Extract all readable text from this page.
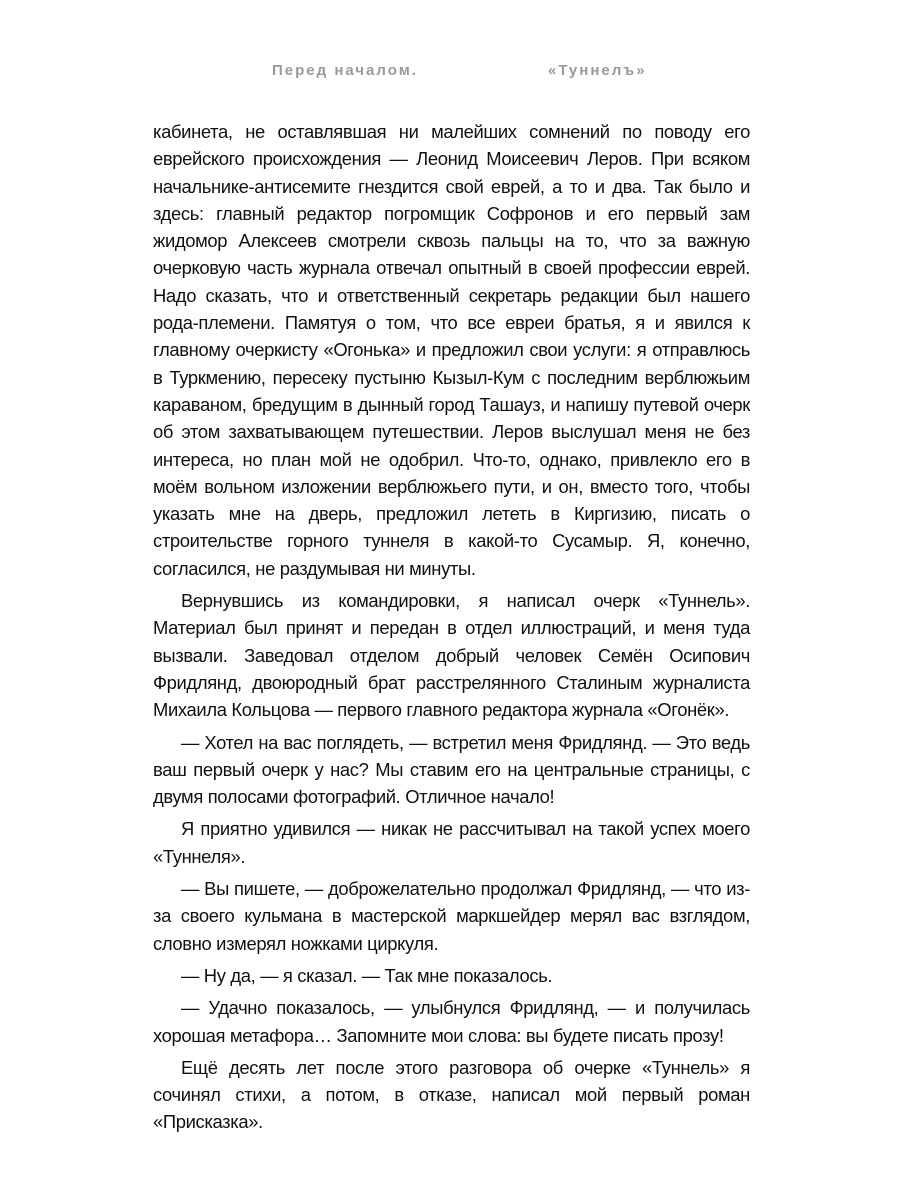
Перед началом.	«Туннелъ»

кабинета, не оставлявшая ни малейших сомнений по поводу его еврейского происхождения — Леонид Моисеевич Леров. При всяком начальнике-антисемите гнездится свой еврей, а то и два. Так было и здесь: главный редактор погромщик Софронов и его первый зам жидомор Алексеев смотрели сквозь пальцы на то, что за важную очерковую часть журнала отвечал опытный в своей профессии еврей. Надо сказать, что и ответственный секретарь редакции был нашего рода-племени. Памятуя о том, что все евреи братья, я и явился к главному очеркисту «Огонька» и предложил свои услуги: я отправлюсь в Туркмению, пересеку пустыню Кызыл-Кум с последним верблюжьим караваном, бредущим в дынный город Ташауз, и напишу путевой очерк об этом захватывающем путешествии. Леров выслушал меня не без интереса, но план мой не одобрил. Что-то, однако, привлекло его в моём вольном изложении верблюжьего пути, и он, вместо того, чтобы указать мне на дверь, предложил лететь в Киргизию, писать о строительстве горного туннеля в какой-то Сусамыр. Я, конечно, согласился, не раздумывая ни минуты.

Вернувшись из командировки, я написал очерк «Туннель». Материал был принят и передан в отдел иллюстраций, и меня туда вызвали. Заведовал отделом добрый человек Семён Осипович Фридлянд, двоюродный брат расстрелянного Сталиным журналиста Михаила Кольцова — первого главного редактора журнала «Огонёк».

— Хотел на вас поглядеть, — встретил меня Фридлянд. — Это ведь ваш первый очерк у нас? Мы ставим его на центральные страницы, с двумя полосами фотографий. Отличное начало!

Я приятно удивился — никак не рассчитывал на такой успех моего «Туннеля».

— Вы пишете, — доброжелательно продолжал Фридлянд, — что из-за своего кульмана в мастерской маркшейдер мерял вас взглядом, словно измерял ножками циркуля.

— Ну да, — я сказал. — Так мне показалось.

— Удачно показалось, — улыбнулся Фридлянд, — и получилась хорошая метафора… Запомните мои слова: вы будете писать прозу!

Ещё десять лет после этого разговора об очерке «Туннель» я сочинял стихи, а потом, в отказе, написал мой первый роман «Присказка».
